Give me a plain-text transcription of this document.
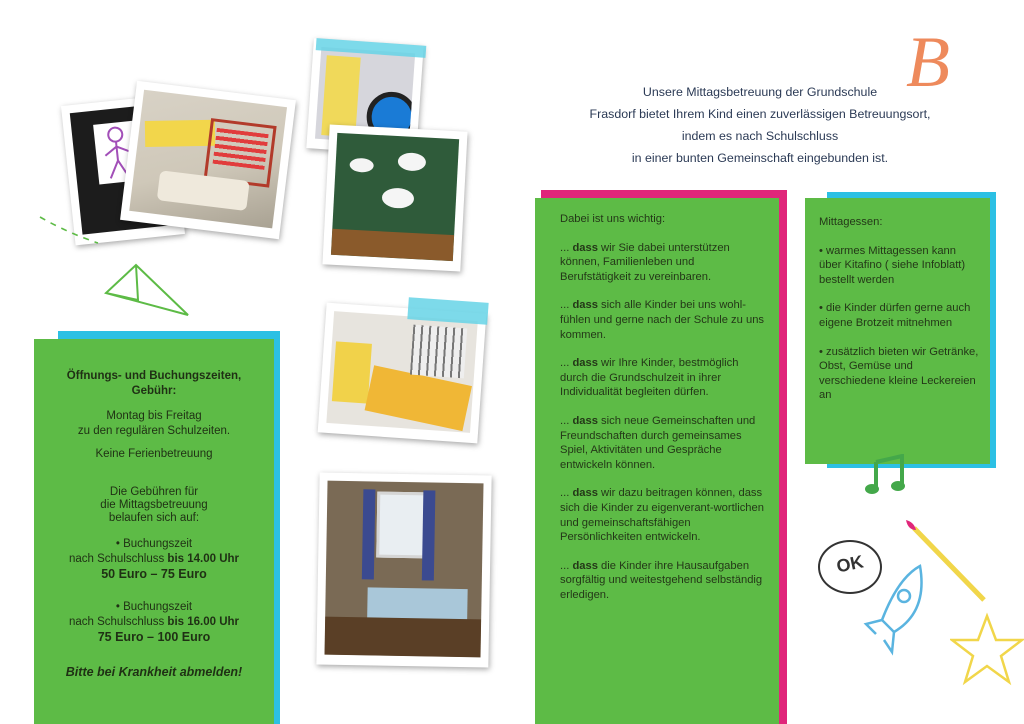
B
Unsere Mittagsbetreuung der Grundschule
Frasdorf bietet Ihrem Kind einen zuverlässigen Betreuungsort,
indem es nach Schulschluss
in einer bunten Gemeinschaft eingebunden ist.
Öffnungs- und Buchungszeiten, Gebühr:
Montag bis Freitag
zu den regulären Schulzeiten.
Keine Ferienbetreuung
Die Gebühren für
die Mittagsbetreuung
belaufen sich auf:
• Buchungszeit
nach Schulschluss bis 14.00 Uhr
50 Euro – 75 Euro
• Buchungszeit
nach Schulschluss bis 16.00 Uhr
75 Euro – 100 Euro
Bitte bei Krankheit abmelden!
Dabei ist uns wichtig:
... dass wir Sie dabei unterstützen können, Familienleben und Berufstätigkeit zu vereinbaren.
... dass sich alle Kinder bei uns wohl-fühlen und gerne nach der Schule zu uns kommen.
... dass wir Ihre Kinder, bestmöglich durch die Grundschulzeit in ihrer Individualität begleiten dürfen.
... dass sich neue Gemeinschaften und Freundschaften durch gemeinsames Spiel, Aktivitäten und Gespräche entwickeln können.
... dass wir dazu beitragen können, dass sich die Kinder zu eigenverant-wortlichen und gemeinschaftsfähigen Persönlichkeiten entwickeln.
... dass die Kinder ihre Hausaufgaben sorgfältig und weitestgehend selbständig erledigen.
Mittagessen:
• warmes Mittagessen kann über Kitafino ( siehe Infoblatt) bestellt werden
• die Kinder dürfen gerne auch eigene Brotzeit mitnehmen
• zusätzlich bieten wir Getränke, Obst, Gemüse und verschiedene kleine Leckereien an
OK
